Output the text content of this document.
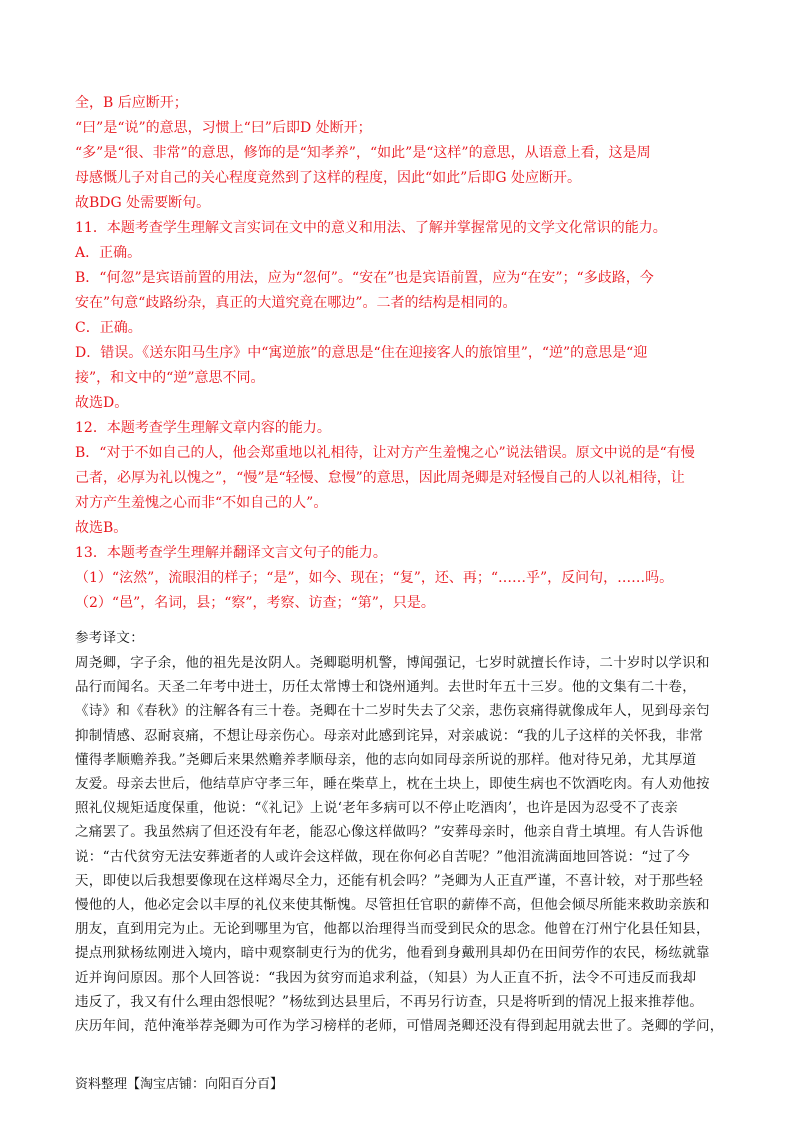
全，B 后应断开；

“曰”是“说”的意思，习惯上“曰”后即D 处断开；

“多”是“很、非常”的意思，修饰的是“知孝养”，“如此”是“这样”的意思，从语意上看，这是周

母感慨儿子对自己的关心程度竟然到了这样的程度，因此“如此”后即G 处应断开。

故BDG 处需要断句。

11．本题考查学生理解文言实词在文中的意义和用法、了解并掌握常见的文学文化常识的能力。

A．正确。

B．“何忽”是宾语前置的用法，应为“忽何”。“安在”也是宾语前置，应为“在安”；“多歧路，今

安在”句意“歧路纷杂，真正的大道究竟在哪边”。二者的结构是相同的。

C．正确。

D．错误。《送东阳马生序》中“寓逆旅”的意思是“住在迎接客人的旅馆里”，“逆”的意思是“迎

接”，和文中的“逆”意思不同。

故选D。

12．本题考查学生理解文章内容的能力。

B．“对于不如自己的人，他会郑重地以礼相待，让对方产生羞愧之心”说法错误。原文中说的是“有慢

己者，必厚为礼以愧之”，“慢”是“轻慢、怠慢”的意思，因此周尧卿是对轻慢自己的人以礼相待，让

对方产生羞愧之心而非“不如自己的人”。

故选B。

13．本题考查学生理解并翻译文言文句子的能力。

（1）“泫然”，流眼泪的样子；“是”，如今、现在；“复”，还、再；“……乎”，反问句，……吗。

（2）“邑”，名词，县；“察”，考察、访查；“第”，只是。

参考译文：

周尧卿，字子余，他的祖先是汝阴人。尧卿聪明机警，博闻强记，七岁时就擅长作诗，二十岁时以学识和

品行而闻名。天圣二年考中进士，历任太常博士和饶州通判。去世时年五十三岁。他的文集有二十卷，

《诗》和《春秋》的注解各有三十卷。尧卿在十二岁时失去了父亲，悲伤哀痛得就像成年人，见到母亲匄

抑制情感、忍耐哀痛，不想让母亲伤心。母亲对此感到诧异，对亲戚说：“我的儿子这样的关怀我，非常

懂得孝顺赡养我。”尧卿后来果然赡养孝顺母亲，他的志向如同母亲所说的那样。他对待兄弟，尤其厚道

友爱。母亲去世后，他结草庐守孝三年，睡在柴草上，枕在土块上，即使生病也不饮酒吃肉。有人劝他按

照礼仪规矩适度保重，他说：“《礼记》上说‘老年多病可以不停止吃酒肉’，也许是因为忍受不了丧亲

之痛罢了。我虽然病了但还没有年老，能忍心像这样做吗？”安葬母亲时，他亲自背土填埋。有人告诉他

说：“古代贫穷无法安葬逝者的人或许会这样做，现在你何必自苦呢？”他泪流满面地回答说：“过了今

天，即使以后我想要像现在这样竭尽全力，还能有机会吗？”尧卿为人正直严谨，不喜计较，对于那些轻

慢他的人，他必定会以丰厚的礼仪来使其惭愧。尽管担任官职的薪俸不高，但他会倾尽所能来救助亲族和

朋友，直到用完为止。无论到哪里为官，他都以治理得当而受到民众的思念。他曾在汀州宁化县任知县，

提点刑狱杨纮刚进入境内，暗中观察制吏行为的优劣，他看到身戴刑具却仍在田间劳作的农民，杨纮就靠

近并询问原因。那个人回答说：“我因为贫穷而追求利益，（知县）为人正直不折，法令不可违反而我却

违反了，我又有什么理由怨恨呢？”杨纮到达县里后，不再另行访查，只是将听到的情况上报来推荐他。

庆历年间，范仲淹举荐尧卿为可作为学习榜样的老师，可惜周尧卿还没有得到起用就去世了。尧卿的学问，

资料整理【淘宝店铺：向阳百分百】
